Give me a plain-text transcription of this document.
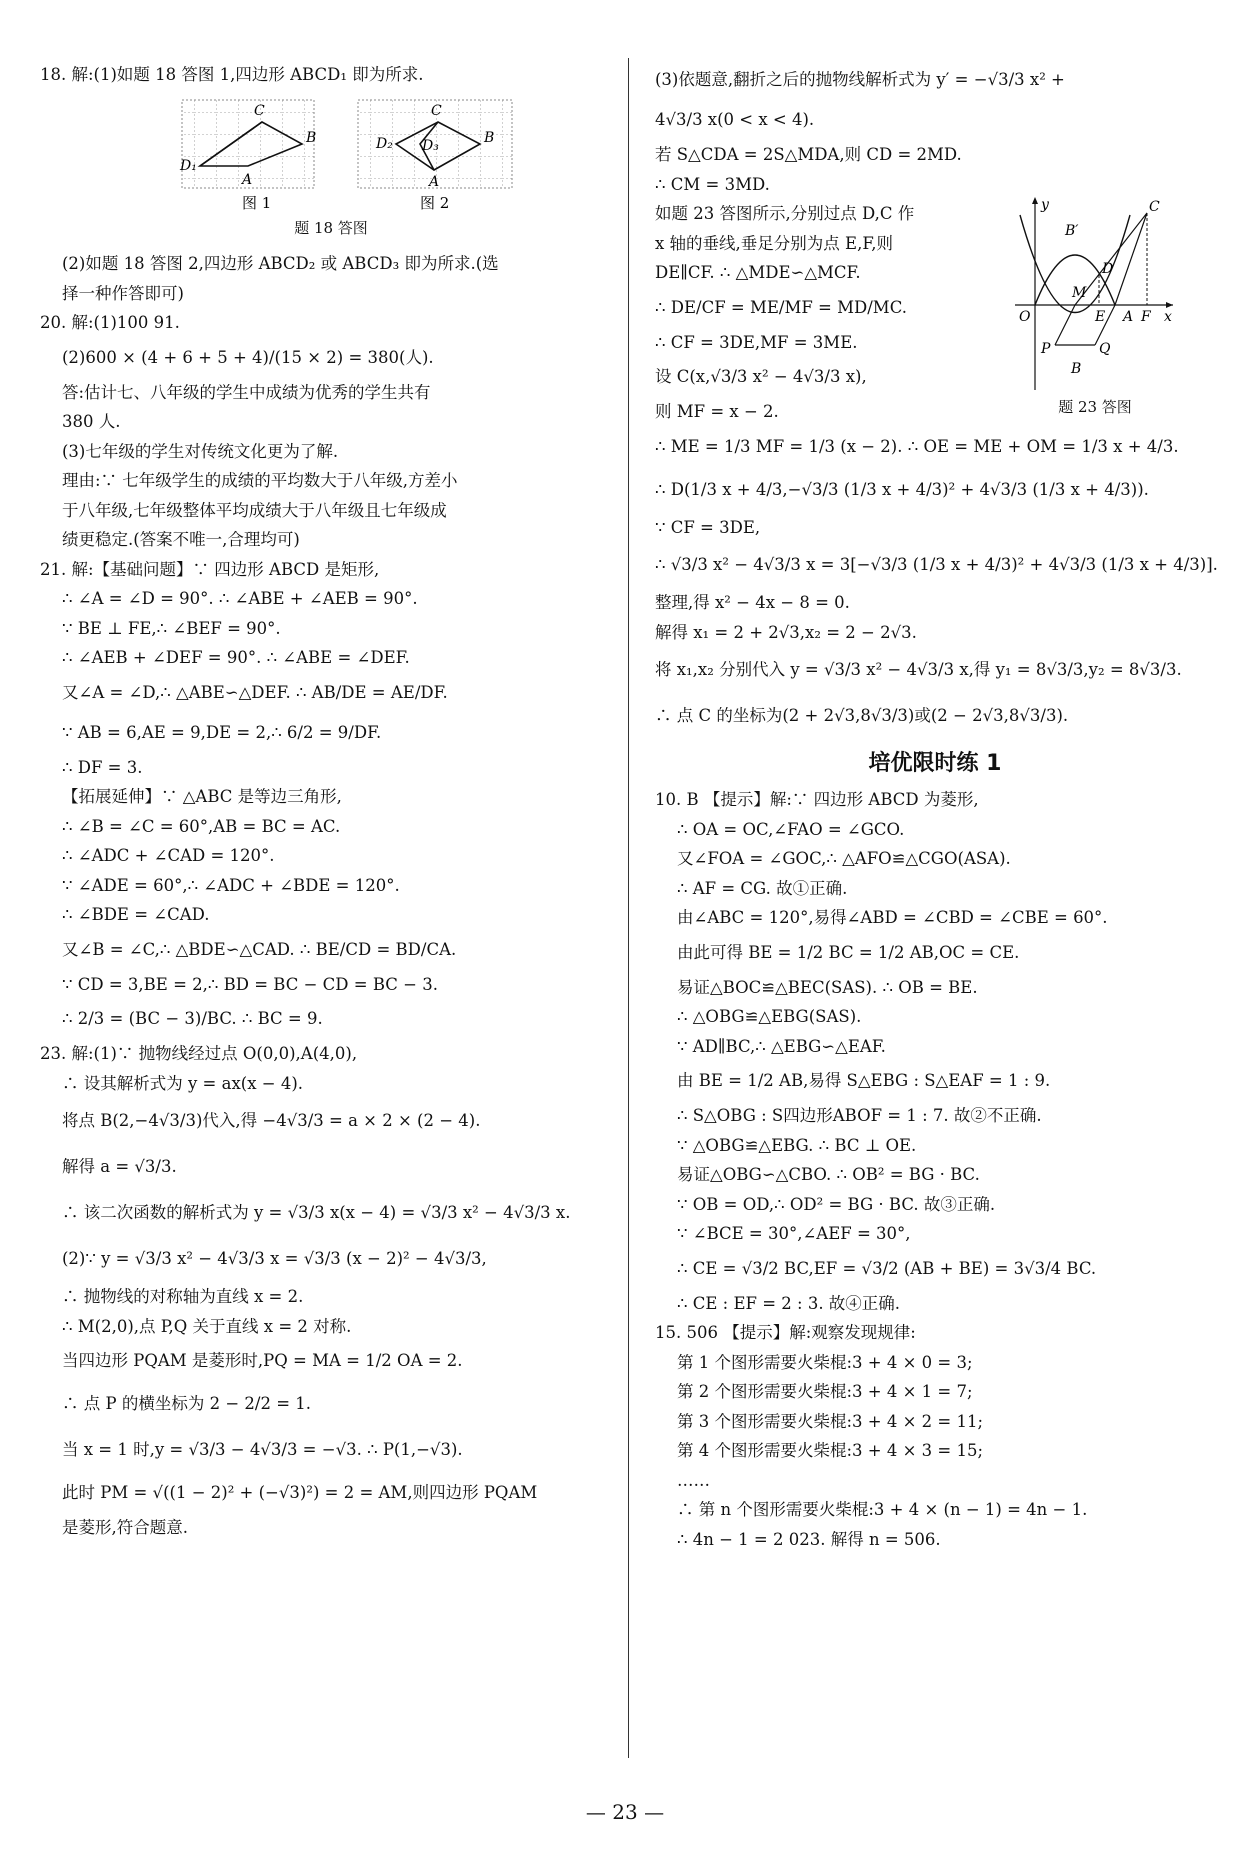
18. 解:(1)如题 18 答图 1,四边形 ABCD₁ 即为所求.
C
B
D₁
A
C
B
D₂ D₃
A
图 1	图 2
题 18 答图
(2)如题 18 答图 2,四边形 ABCD₂ 或 ABCD₃ 即为所求.(选
择一种作答即可)
20. 解:(1)100 91.
(2)600 × (4 + 6 + 5 + 4)/(15 × 2) = 380(人).
答:估计七、八年级的学生中成绩为优秀的学生共有
380 人.
(3)七年级的学生对传统文化更为了解.
理由:∵ 七年级学生的成绩的平均数大于八年级,方差小
于八年级,七年级整体平均成绩大于八年级且七年级成
绩更稳定.(答案不唯一,合理均可)
21. 解:【基础问题】∵ 四边形 ABCD 是矩形,
∴ ∠A = ∠D = 90°. ∴ ∠ABE + ∠AEB = 90°.
∵ BE ⊥ FE,∴ ∠BEF = 90°.
∴ ∠AEB + ∠DEF = 90°. ∴ ∠ABE = ∠DEF.
又∠A = ∠D,∴ △ABE∽△DEF. ∴ AB/DE = AE/DF.
∵ AB = 6,AE = 9,DE = 2,∴ 6/2 = 9/DF.
∴ DF = 3.
【拓展延伸】∵ △ABC 是等边三角形,
∴ ∠B = ∠C = 60°,AB = BC = AC.
∴ ∠ADC + ∠CAD = 120°.
∵ ∠ADE = 60°,∴ ∠ADC + ∠BDE = 120°.
∴ ∠BDE = ∠CAD.
又∠B = ∠C,∴ △BDE∽△CAD. ∴ BE/CD = BD/CA.
∵ CD = 3,BE = 2,∴ BD = BC − CD = BC − 3.
∴ 2/3 = (BC − 3)/BC. ∴ BC = 9.
23. 解:(1)∵ 抛物线经过点 O(0,0),A(4,0),
∴ 设其解析式为 y = ax(x − 4).
将点 B(2,−4√3/3)代入,得 −4√3/3 = a × 2 × (2 − 4).
解得 a = √3/3.
∴ 该二次函数的解析式为 y = √3/3 x(x − 4) = √3/3 x² − 4√3/3 x.
(2)∵ y = √3/3 x² − 4√3/3 x = √3/3 (x − 2)² − 4√3/3,
∴ 抛物线的对称轴为直线 x = 2.
∴ M(2,0),点 P,Q 关于直线 x = 2 对称.
当四边形 PQAM 是菱形时,PQ = MA = 1/2 OA = 2.
∴ 点 P 的横坐标为 2 − 2/2 = 1.
当 x = 1 时,y = √3/3 − 4√3/3 = −√3. ∴ P(1,−√3).
此时 PM = √((1 − 2)² + (−√3)²) = 2 = AM,则四边形 PQAM
是菱形,符合题意.
(3)依题意,翻折之后的抛物线解析式为 y′ = −√3/3 x² +
4√3/3 x(0 < x < 4).
若 S△CDA = 2S△MDA,则 CD = 2MD.
∴ CM = 3MD.
如题 23 答图所示,分别过点 D,C 作
x 轴的垂线,垂足分别为点 E,F,则
DE∥CF. ∴ △MDE∽△MCF.
∴ DE/CF = ME/MF = MD/MC.
∴ CF = 3DE,MF = 3ME.
设 C(x,√3/3 x² − 4√3/3 x),
则 MF = x − 2.
∴ ME = 1/3 MF = 1/3 (x − 2). ∴ OE = ME + OM = 1/3 x + 4/3.
∴ D(1/3 x + 4/3,−√3/3 (1/3 x + 4/3)² + 4√3/3 (1/3 x + 4/3)).
∵ CF = 3DE,
∴ √3/3 x² − 4√3/3 x = 3[−√3/3 (1/3 x + 4/3)² + 4√3/3 (1/3 x + 4/3)].
整理,得 x² − 4x − 8 = 0.
解得 x₁ = 2 + 2√3,x₂ = 2 − 2√3.
将 x₁,x₂ 分别代入 y = √3/3 x² − 4√3/3 x,得 y₁ = 8√3/3,y₂ = 8√3/3.
∴ 点 C 的坐标为(2 + 2√3,8√3/3)或(2 − 2√3,8√3/3).
培优限时练 1
10. B 【提示】解:∵ 四边形 ABCD 为菱形,
∴ OA = OC,∠FAO = ∠GCO.
又∠FOA = ∠GOC,∴ △AFO≌△CGO(ASA).
∴ AF = CG. 故①正确.
由∠ABC = 120°,易得∠ABD = ∠CBD = ∠CBE = 60°.
由此可得 BE = 1/2 BC = 1/2 AB,OC = CE.
易证△BOC≌△BEC(SAS). ∴ OB = BE.
∴ △OBG≌△EBG(SAS).
∵ AD∥BC,∴ △EBG∽△EAF.
由 BE = 1/2 AB,易得 S△EBG : S△EAF = 1 : 9.
∴ S△OBG : S四边形ABOF = 1 : 7. 故②不正确.
∵ △OBG≌△EBG. ∴ BC ⊥ OE.
易证△OBG∽△CBO. ∴ OB² = BG · BC.
∵ OB = OD,∴ OD² = BG · BC. 故③正确.
∵ ∠BCE = 30°,∠AEF = 30°,
∴ CE = √3/2 BC,EF = √3/2 (AB + BE) = 3√3/4 BC.
∴ CE : EF = 2 : 3. 故④正确.
15. 506 【提示】解:观察发现规律:
第 1 个图形需要火柴棍:3 + 4 × 0 = 3;
第 2 个图形需要火柴棍:3 + 4 × 1 = 7;
第 3 个图形需要火柴棍:3 + 4 × 2 = 11;
第 4 个图形需要火柴棍:3 + 4 × 3 = 15;
……
∴ 第 n 个图形需要火柴棍:3 + 4 × (n − 1) = 4n − 1.
∴ 4n − 1 = 2 023. 解得 n = 506.
y	C
B′
D
M
O	E A F x
P	Q
B
题 23 答图
— 23 —
